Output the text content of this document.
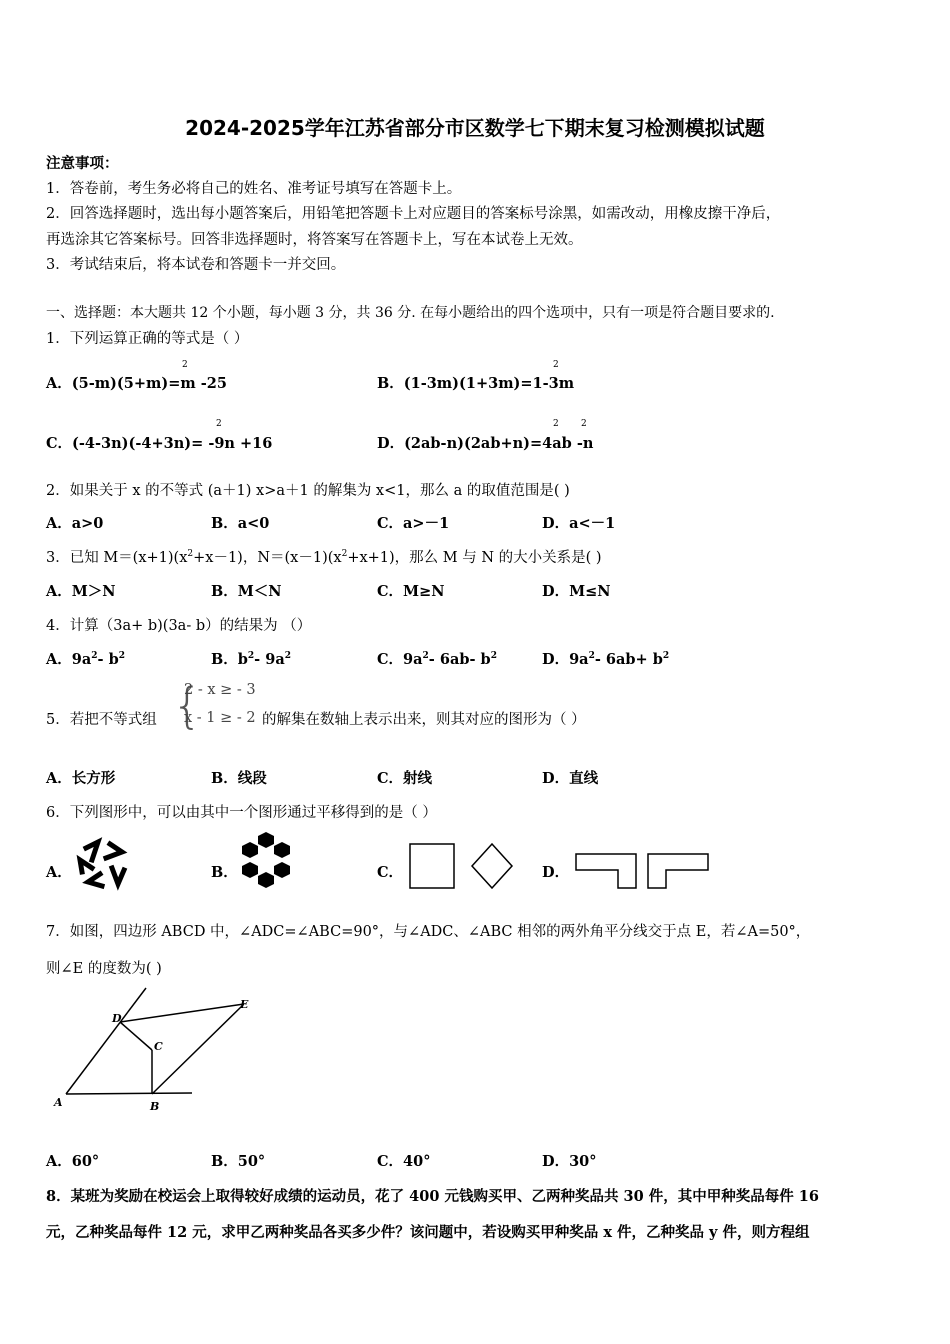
2024-2025学年江苏省部分市区数学七下期末复习检测模拟试题
注意事项：
1．答卷前，考生务必将自己的姓名、准考证号填写在答题卡上。
2．回答选择题时，选出每小题答案后，用铅笔把答题卡上对应题目的答案标号涂黑，如需改动，用橡皮擦干净后，
再选涂其它答案标号。回答非选择题时，将答案写在答题卡上，写在本试卷上无效。
3．考试结束后，将本试卷和答题卡一并交回。
一、选择题：本大题共 12 个小题，每小题 3 分，共 36 分. 在每小题给出的四个选项中，只有一项是符合题目要求的.
1．下列运算正确的等式是（ ）
A．(5-m)(5+m)=m -25
2
B．(1-3m)(1+3m)=1-3m
2
C．(-4-3n)(-4+3n)= -9n +16
2
D．(2ab-n)(2ab+n)=4ab -n
2 2
2．如果关于 x 的不等式 (a＋1) x>a＋1 的解集为 x<1，那么 a 的取值范围是( )
A．a>0	B．a<0	C．a>－1	D．a<－1
3．已知 $M=(x+1)(x^2+x-1)$，$N=(x-1)(x^2+x+1)$，那么 M 与 N 的大小关系是( )
A．M＞N	B．M＜N	C．M≥N	D．M≤N
4．计算（3a+ b)(3a- b）的结果为 （）
A．$9a^2-$ $b^2$	B．$b^2-$ $9a^2$	C．$9a^2-$ 6ab- $b^2$	D．$9a^2-$ $6ab+ b^2$
5．若把不等式组 {
2 - x ≥ - 3
x - 1 ≥ - 2 的解集在数轴上表示出来，则其对应的图形为（ ）
A．长方形	B．线段	C．射线	D．直线
6．下列图形中，可以由其中一个图形通过平移得到的是（ ）
A．	B．	C．	D．
7．如图，四边形 ABCD 中，∠ADC=∠ABC=90°，与∠ADC、∠ABC 相邻的两外角平分线交于点 E，若∠A=50°，
则∠E 的度数为( )
A	B
C
D
E
A．60°	B．50°	C．40°	D．30°
8．某班为奖励在校运会上取得较好成绩的运动员，花了 400 元钱购买甲、乙两种奖品共 30 件，其中甲种奖品每件 16
元，乙种奖品每件 12 元，求甲乙两种奖品各买多少件？该问题中，若设购买甲种奖品 x 件，乙种奖品 y 件，则方程组
